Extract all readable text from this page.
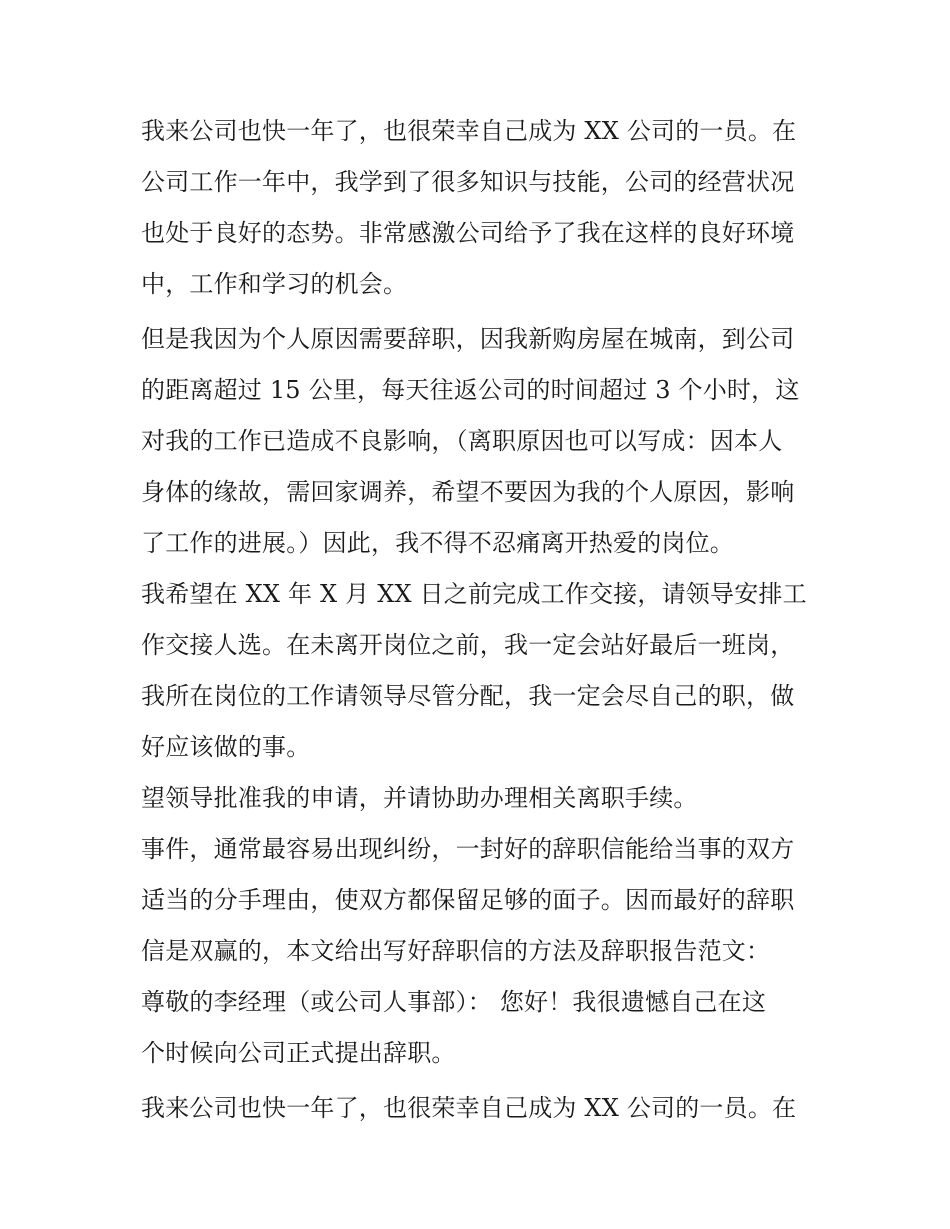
我来公司也快一年了，也很荣幸自己成为 XX 公司的一员。在
公司工作一年中，我学到了很多知识与技能，公司的经营状况
也处于良好的态势。非常感激公司给予了我在这样的良好环境
中，工作和学习的机会。
但是我因为个人原因需要辞职，因我新购房屋在城南，到公司
的距离超过 15 公里，每天往返公司的时间超过 3 个小时，这
对我的工作已造成不良影响，（离职原因也可以写成：因本人
身体的缘故，需回家调养，希望不要因为我的个人原因，影响
了工作的进展。）因此，我不得不忍痛离开热爱的岗位。
我希望在 XX 年 X 月 XX 日之前完成工作交接，请领导安排工
作交接人选。在未离开岗位之前，我一定会站好最后一班岗，
我所在岗位的工作请领导尽管分配，我一定会尽自己的职，做
好应该做的事。
望领导批准我的申请，并请协助办理相关离职手续。
事件，通常最容易出现纠纷，一封好的辞职信能给当事的双方
适当的分手理由，使双方都保留足够的面子。因而最好的辞职
信是双赢的，本文给出写好辞职信的方法及辞职报告范文：
尊敬的李经理（或公司人事部）： 您好！我很遗憾自己在这
个时候向公司正式提出辞职。
我来公司也快一年了，也很荣幸自己成为 XX 公司的一员。在
